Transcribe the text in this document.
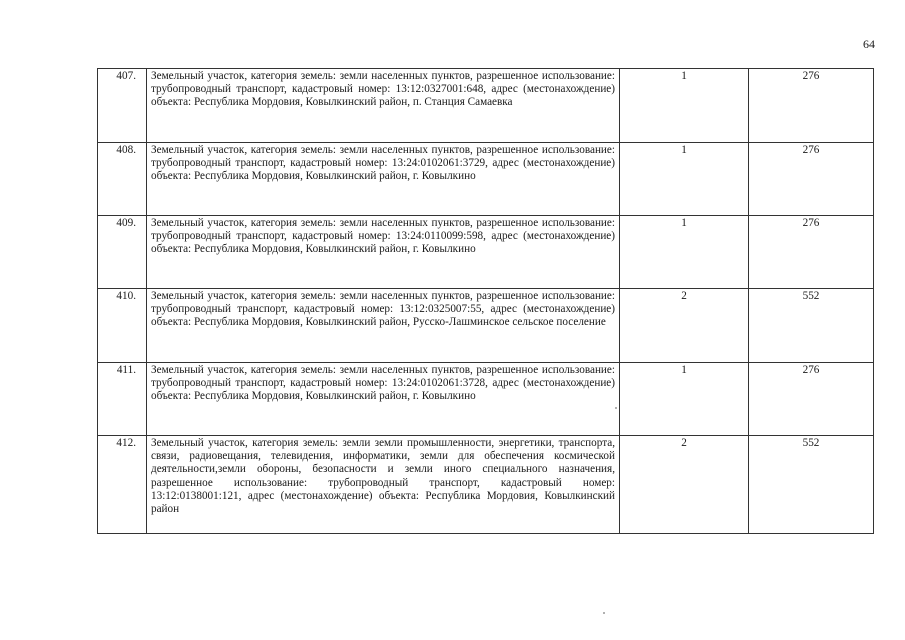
64
407.	Земельный участок, категория земель: земли населенных пунктов, разрешенное использование: трубопроводный транспорт, кадастровый номер: 13:12:0327001:648, адрес (местонахождение) объекта: Республика Мордовия, Ковылкинский район, п. Станция Самаевка	1	276
408.	Земельный участок, категория земель: земли населенных пунктов, разрешенное использование: трубопроводный транспорт, кадастровый номер: 13:24:0102061:3729, адрес (местонахождение) объекта: Республика Мордовия, Ковылкинский район, г. Ковылкино	1	276
409.	Земельный участок, категория земель: земли населенных пунктов, разрешенное использование: трубопроводный транспорт, кадастровый номер: 13:24:0110099:598, адрес (местонахождение) объекта: Республика Мордовия, Ковылкинский район, г. Ковылкино	1	276
410.	Земельный участок, категория земель: земли населенных пунктов, разрешенное использование: трубопроводный транспорт, кадастровый номер: 13:12:0325007:55, адрес (местонахождение) объекта: Республика Мордовия, Ковылкинский район, Русско-Лашминское сельское поселение	2	552
411.	Земельный участок, категория земель: земли населенных пунктов, разрешенное использование: трубопроводный транспорт, кадастровый номер: 13:24:0102061:3728, адрес (местонахождение) объекта: Республика Мордовия, Ковылкинский район, г. Ковылкино	1	276
412.	Земельный участок, категория земель: земли земли промышленности, энергетики, транспорта, связи, радиовещания, телевидения, информатики, земли для обеспечения космической деятельности,земли обороны, безопасности и земли иного специального назначения, разрешенное использование: трубопроводный транспорт, кадастровый номер: 13:12:0138001:121, адрес (местонахождение) объекта: Республика Мордовия, Ковылкинский район	2	552
